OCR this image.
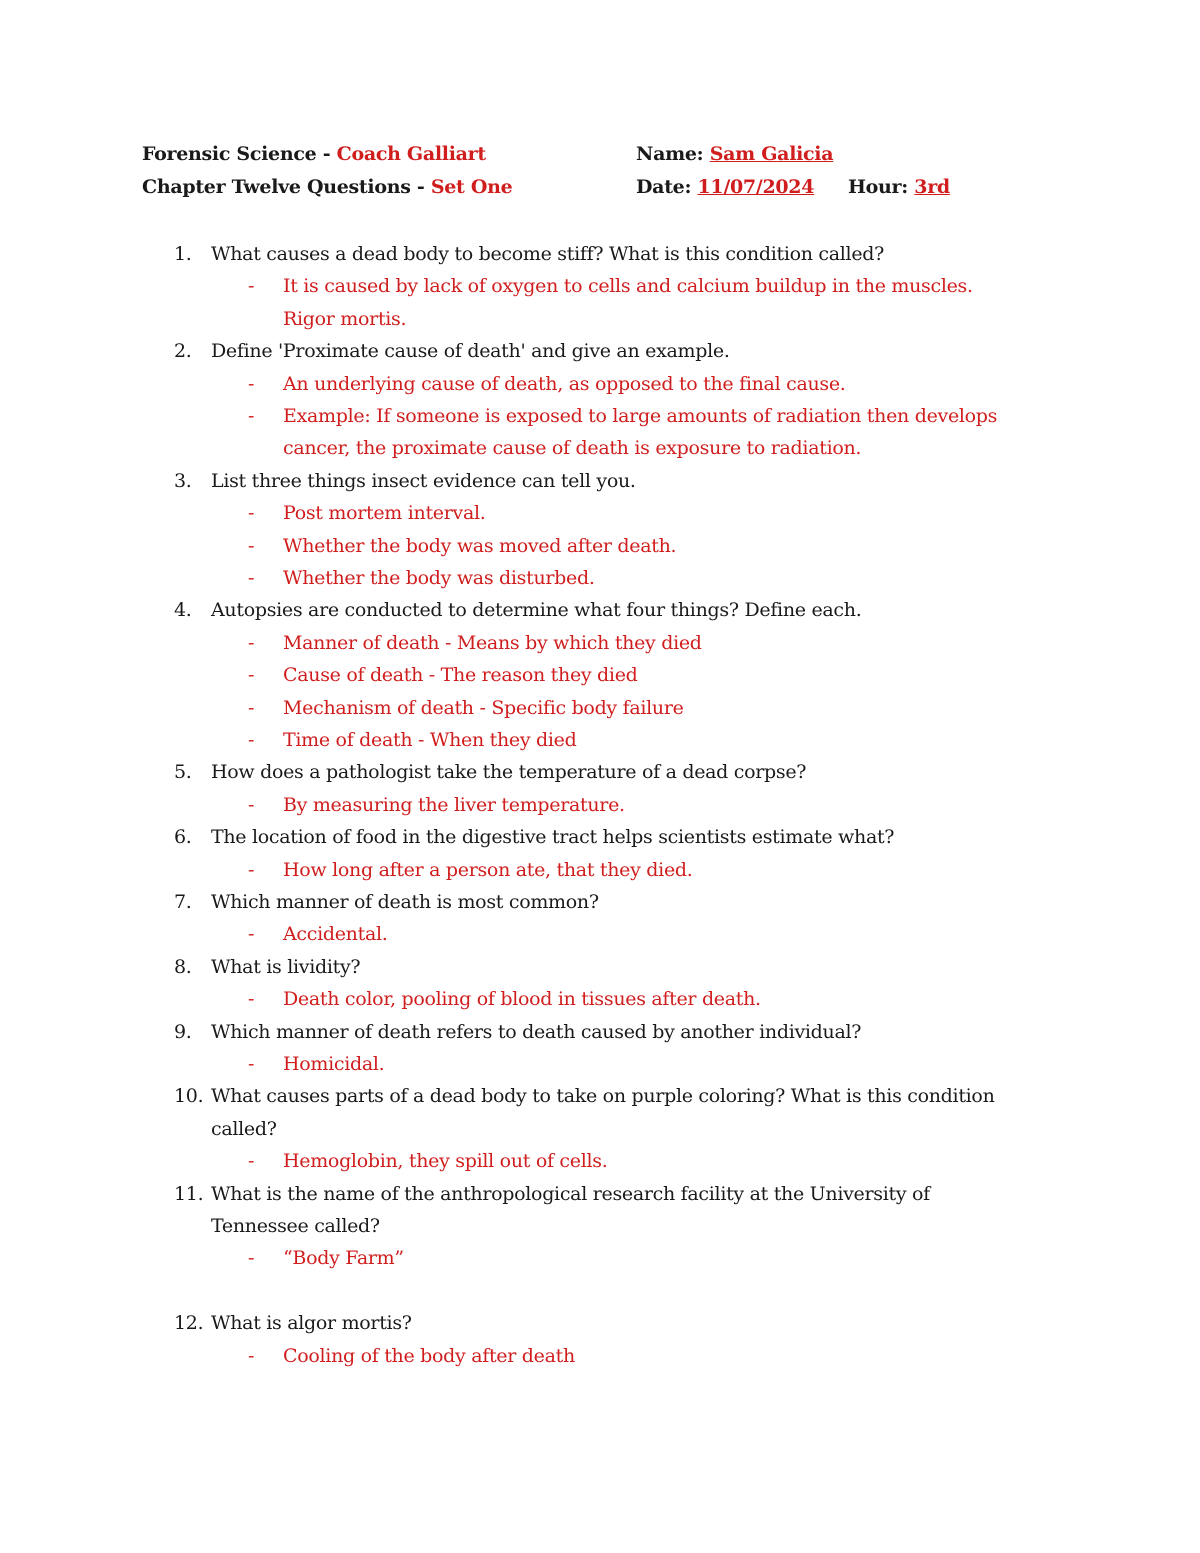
Forensic Science - Coach Galliart	Name: Sam Galicia
Chapter Twelve Questions - Set One	Date: 11/07/2024 Hour: 3rd
1. What causes a dead body to become stiff? What is this condition called?
- It is caused by lack of oxygen to cells and calcium buildup in the muscles.
Rigor mortis.
2. Define 'Proximate cause of death' and give an example.
- An underlying cause of death, as opposed to the final cause.
- Example: If someone is exposed to large amounts of radiation then develops
cancer, the proximate cause of death is exposure to radiation.
3. List three things insect evidence can tell you.
- Post mortem interval.
- Whether the body was moved after death.
- Whether the body was disturbed.
4. Autopsies are conducted to determine what four things? Define each.
- Manner of death - Means by which they died
- Cause of death - The reason they died
- Mechanism of death - Specific body failure
- Time of death - When they died
5. How does a pathologist take the temperature of a dead corpse?
- By measuring the liver temperature.
6. The location of food in the digestive tract helps scientists estimate what?
- How long after a person ate, that they died.
7. Which manner of death is most common?
- Accidental.
8. What is lividity?
- Death color, pooling of blood in tissues after death.
9. Which manner of death refers to death caused by another individual?
- Homicidal.
10. What causes parts of a dead body to take on purple coloring? What is this condition
called?
- Hemoglobin, they spill out of cells.
11. What is the name of the anthropological research facility at the University of
Tennessee called?
- “Body Farm”
12. What is algor mortis?
- Cooling of the body after death
